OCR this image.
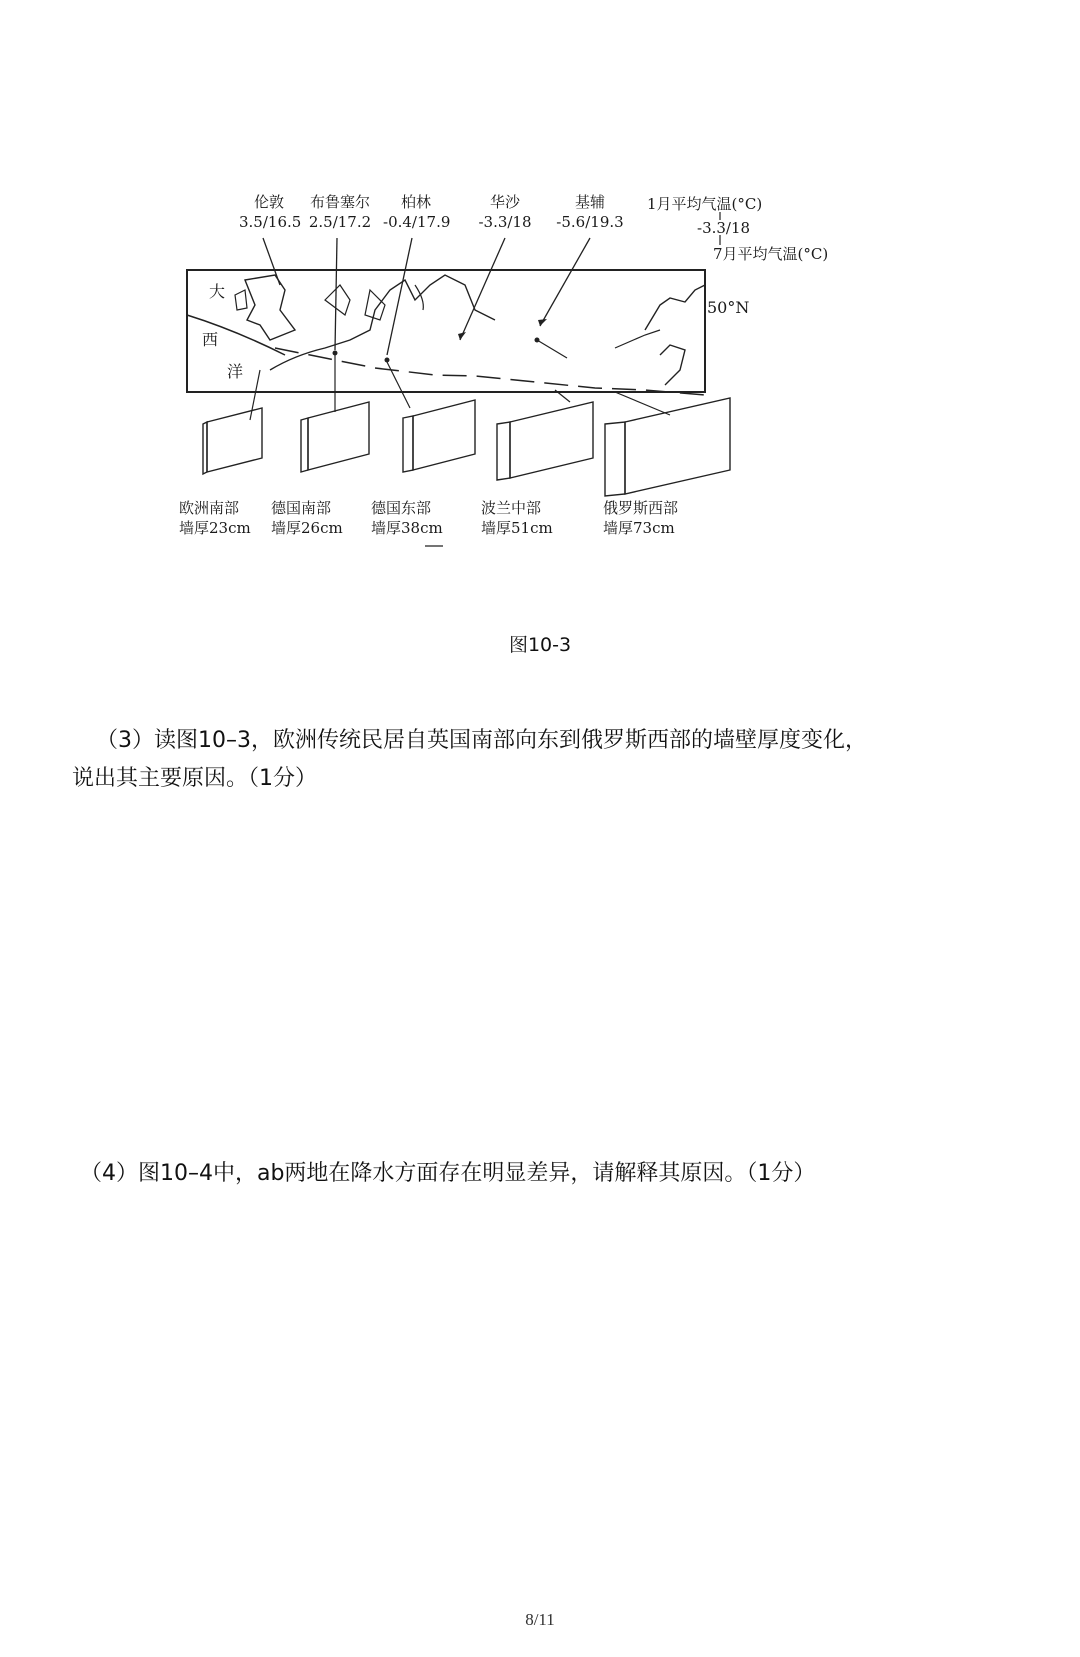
伦敦
3.5/16.5
布鲁塞尔
2.5/17.2
柏林
-0.4/17.9
华沙
-3.3/18
基辅
-5.6/19.3
1月平均气温(°C)
-3.3/18
7月平均气温(°C)
大
西
洋
50°N
欧洲南部
墙厚23cm
德国南部
墙厚26cm
德国东部
墙厚38cm
波兰中部
墙厚51cm
俄罗斯西部
墙厚73cm
图10-3
（3）读图10–3，欧洲传统民居自英国南部向东到俄罗斯西部的墙壁厚度变化，
说出其主要原因。（1分）
（4）图10–4中，ab两地在降水方面存在明显差异，请解释其原因。（1分）
8/11
